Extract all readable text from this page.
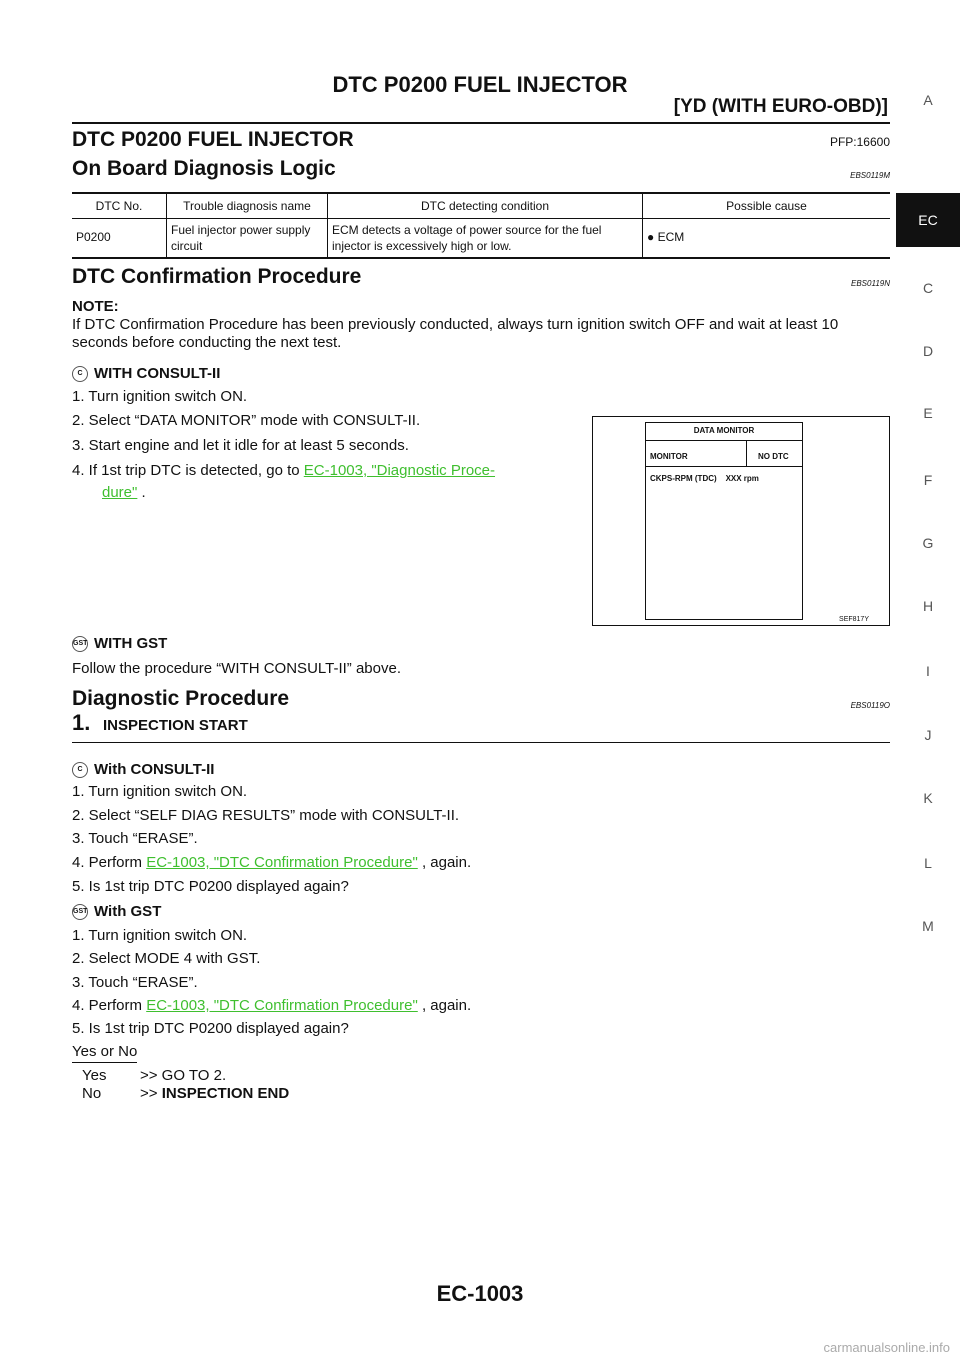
DTC P0200 FUEL INJECTOR
[YD (WITH EURO-OBD)]	A
EC
C
D
E
F
G
H
I
J
K
L
M
DTC P0200 FUEL INJECTOR	PFP:16600
On Board Diagnosis Logic	EBS0119M
DTC No.	Trouble diagnosis name	DTC detecting condition	Possible cause
P0200	Fuel injector power supply circuit	ECM detects a voltage of power source for the fuel injector is excessively high or low.	● ECM
DTC Confirmation Procedure	EBS0119N
NOTE:
If DTC Confirmation Procedure has been previously conducted, always turn ignition switch OFF and wait at least 10 seconds before conducting the next test.
C WITH CONSULT-II
1. Turn ignition switch ON.
2. Select “DATA MONITOR” mode with CONSULT-II.
3. Start engine and let it idle for at least 5 seconds.
4. If 1st trip DTC is detected, go to EC-1003, "Diagnostic Proce-
dure" .
DATA MONITOR
MONITOR	NO DTC
CKPS-RPM (TDC) XXX rpm
SEF817Y
GST WITH GST
Follow the procedure “WITH CONSULT-II” above.
Diagnostic Procedure	EBS0119O
1. INSPECTION START
C With CONSULT-II
1. Turn ignition switch ON.
2. Select “SELF DIAG RESULTS” mode with CONSULT-II.
3. Touch “ERASE”.
4. Perform EC-1003, "DTC Confirmation Procedure" , again.
5. Is 1st trip DTC P0200 displayed again?
GST With GST
1. Turn ignition switch ON.
2. Select MODE 4 with GST.
3. Touch “ERASE”.
4. Perform EC-1003, "DTC Confirmation Procedure" , again.
5. Is 1st trip DTC P0200 displayed again?
Yes or No
Yes >> GO TO 2.
No	>> INSPECTION END
EC-1003
carmanualsonline.info
